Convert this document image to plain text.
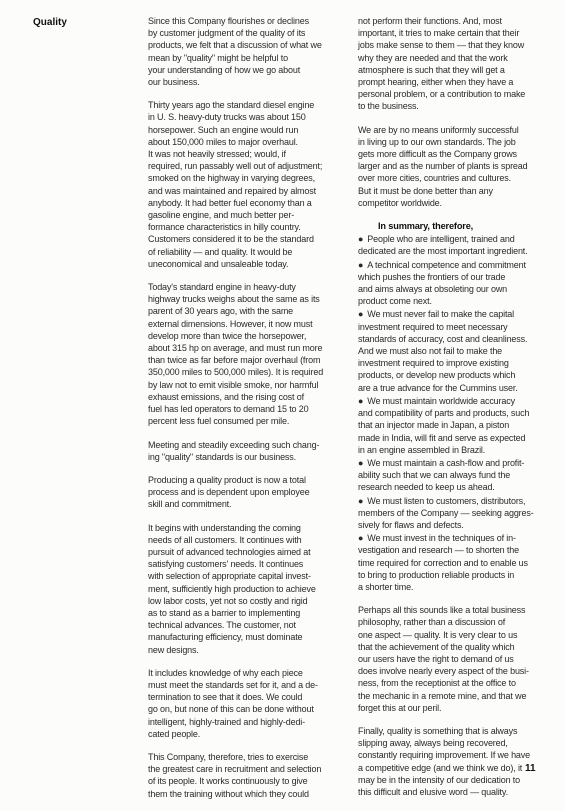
Quality	Since this Company flourishes or declines
by customer judgment of the quality of its
products, we felt that a discussion of what we
mean by "quality" might be helpful to
your understanding of how we go about
our business.

Thirty years ago the standard diesel engine
in U. S. heavy-duty trucks was about 150
horsepower. Such an engine would run
about 150,000 miles to major overhaul.
It was not heavily stressed; would, if
required, run passably well out of adjustment;
smoked on the highway in varying degrees,
and was maintained and repaired by almost
anybody. It had better fuel economy than a
gasoline engine, and much better per-
formance characteristics in hilly country.
Customers considered it to be the standard
of reliability — and quality. It would be
uneconomical and unsaleable today.

Today's standard engine in heavy-duty
highway trucks weighs about the same as its
parent of 30 years ago, with the same
external dimensions. However, it now must
develop more than twice the horsepower,
about 315 hp on average, and must run more
than twice as far before major overhaul (from
350,000 miles to 500,000 miles). It is required
by law not to emit visible smoke, nor harmful
exhaust emissions, and the rising cost of
fuel has led operators to demand 15 to 20
percent less fuel consumed per mile.

Meeting and steadily exceeding such chang-
ing "quality" standards is our business.

Producing a quality product is now a total
process and is dependent upon employee
skill and commitment.

It begins with understanding the coming
needs of all customers. It continues with
pursuit of advanced technologies aimed at
satisfying customers' needs. It continues
with selection of appropriate capital invest-
ment, sufficiently high production to achieve
low labor costs, yet not so costly and rigid
as to stand as a barrier to implementing
technical advances. The customer, not
manufacturing efficiency, must dominate
new designs.

It includes knowledge of why each piece
must meet the standards set for it, and a de-
termination to see that it does. We could
go on, but none of this can be done without
intelligent, highly-trained and highly-dedi-
cated people.

This Company, therefore, tries to exercise
the greatest care in recruitment and selection
of its people. It works continuously to give
them the training without which they could

not perform their functions. And, most
important, it tries to make certain that their
jobs make sense to them — that they know
why they are needed and that the work
atmosphere is such that they will get a
prompt hearing, either when they have a
personal problem, or a contribution to make
to the business.

We are by no means uniformly successful
in living up to our own standards. The job
gets more difficult as the Company grows
larger and as the number of plants is spread
over more cities, countries and cultures.
But it must be done better than any
competitor worldwide.

In summary, therefore,
● People who are intelligent, trained and
dedicated are the most important ingredient.
● A technical competence and commitment
which pushes the frontiers of our trade
and aims always at obsoleting our own
product come next.
● We must never fail to make the capital
investment required to meet necessary
standards of accuracy, cost and cleanliness.
And we must also not fail to make the
investment required to improve existing
products, or develop new products which
are a true advance for the Cummins user.
● We must maintain worldwide accuracy
and compatibility of parts and products, such
that an injector made in Japan, a piston
made in India, will fit and serve as expected
in an engine assembled in Brazil.
● We must maintain a cash-flow and profit-
ability such that we can always fund the
research needed to keep us ahead.
● We must listen to customers, distributors,
members of the Company — seeking aggres-
sively for flaws and defects.
● We must invest in the techniques of in-
vestigation and research — to shorten the
time required for correction and to enable us
to bring to production reliable products in
a shorter time.

Perhaps all this sounds like a total business
philosophy, rather than a discussion of
one aspect — quality. It is very clear to us
that the achievement of the quality which
our users have the right to demand of us
does involve nearly every aspect of the busi-
ness, from the receptionist at the office to
the mechanic in a remote mine, and that we
forget this at our peril.

Finally, quality is something that is always
slipping away, always being recovered,
constantly requiring improvement. If we have
a competitive edge (and we think we do), it
may be in the intensity of our dedication to
this difficult and elusive word — quality.

11
